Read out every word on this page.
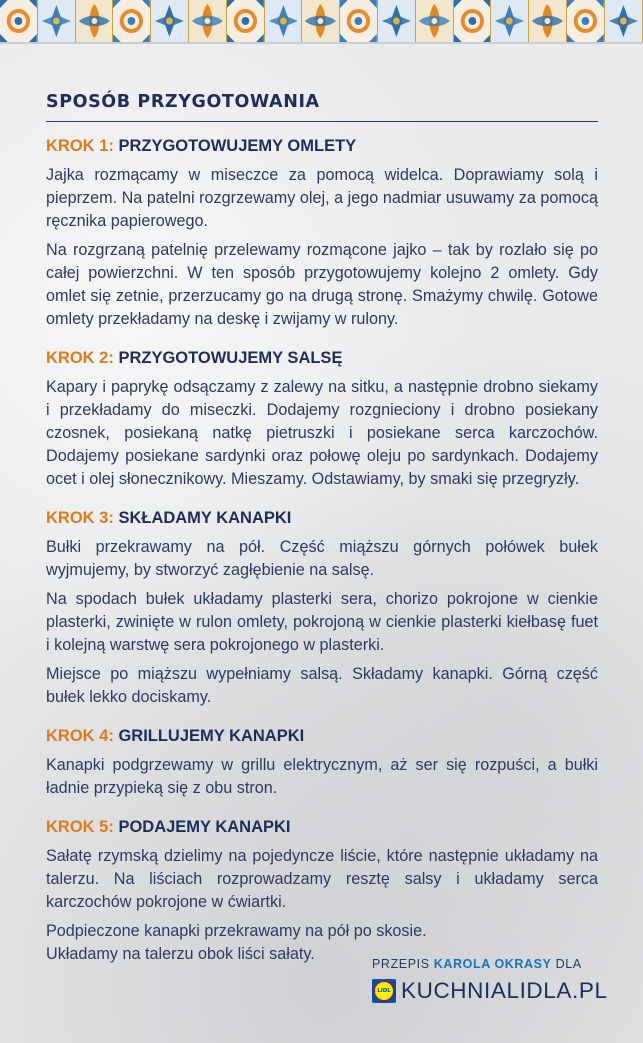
SPOSÓB PRZYGOTOWANIA

KROK 1: PRZYGOTOWUJEMY OMLETY

Jajka rozmącamy w miseczce za pomocą widelca. Doprawiamy solą i pieprzem. Na patelni rozgrzewamy olej, a jego nadmiar usuwamy za pomocą ręcznika papierowego.

Na rozgrzaną patelnię przelewamy rozmącone jajko – tak by rozlało się po całej powierzchni. W ten sposób przygotowujemy kolejno 2 omlety. Gdy omlet się zetnie, przerzucamy go na drugą stronę. Smażymy chwilę. Gotowe omlety przekładamy na deskę i zwijamy w rulony.

KROK 2: PRZYGOTOWUJEMY SALSĘ

Kapary i paprykę odsączamy z zalewy na sitku, a następnie drobno siekamy i przekładamy do miseczki. Dodajemy rozgnieciony i drobno posiekany czosnek, posiekaną natkę pietruszki i posiekane serca karczochów. Dodajemy posiekane sardynki oraz połowę oleju po sardynkach. Dodajemy ocet i olej słonecznikowy. Mieszamy. Odstawiamy, by smaki się przegryzły.

KROK 3: SKŁADAMY KANAPKI

Bułki przekrawamy na pół. Część miąższu górnych połówek bułek wyjmujemy, by stworzyć zagłębienie na salsę.

Na spodach bułek układamy plasterki sera, chorizo pokrojone w cienkie plasterki, zwinięte w rulon omlety, pokrojoną w cienkie plasterki kiełbasę fuet i kolejną warstwę sera pokrojonego w plasterki.

Miejsce po miąższu wypełniamy salsą. Składamy kanapki. Górną część bułek lekko dociskamy.

KROK 4: GRILLUJEMY KANAPKI

Kanapki podgrzewamy w grillu elektrycznym, aż ser się rozpuści, a bułki ładnie przypieką się z obu stron.

KROK 5: PODAJEMY KANAPKI

Sałatę rzymską dzielimy na pojedyncze liście, które następnie układamy na talerzu. Na liściach rozprowadzamy resztę salsy i układamy serca karczochów pokrojone w ćwiartki.

Podpieczone kanapki przekrawamy na pół po skosie.
Układamy na talerzu obok liści sałaty.

PRZEPIS KAROLA OKRASY DLA
LIDL KUCHNIALIDLA.PL
